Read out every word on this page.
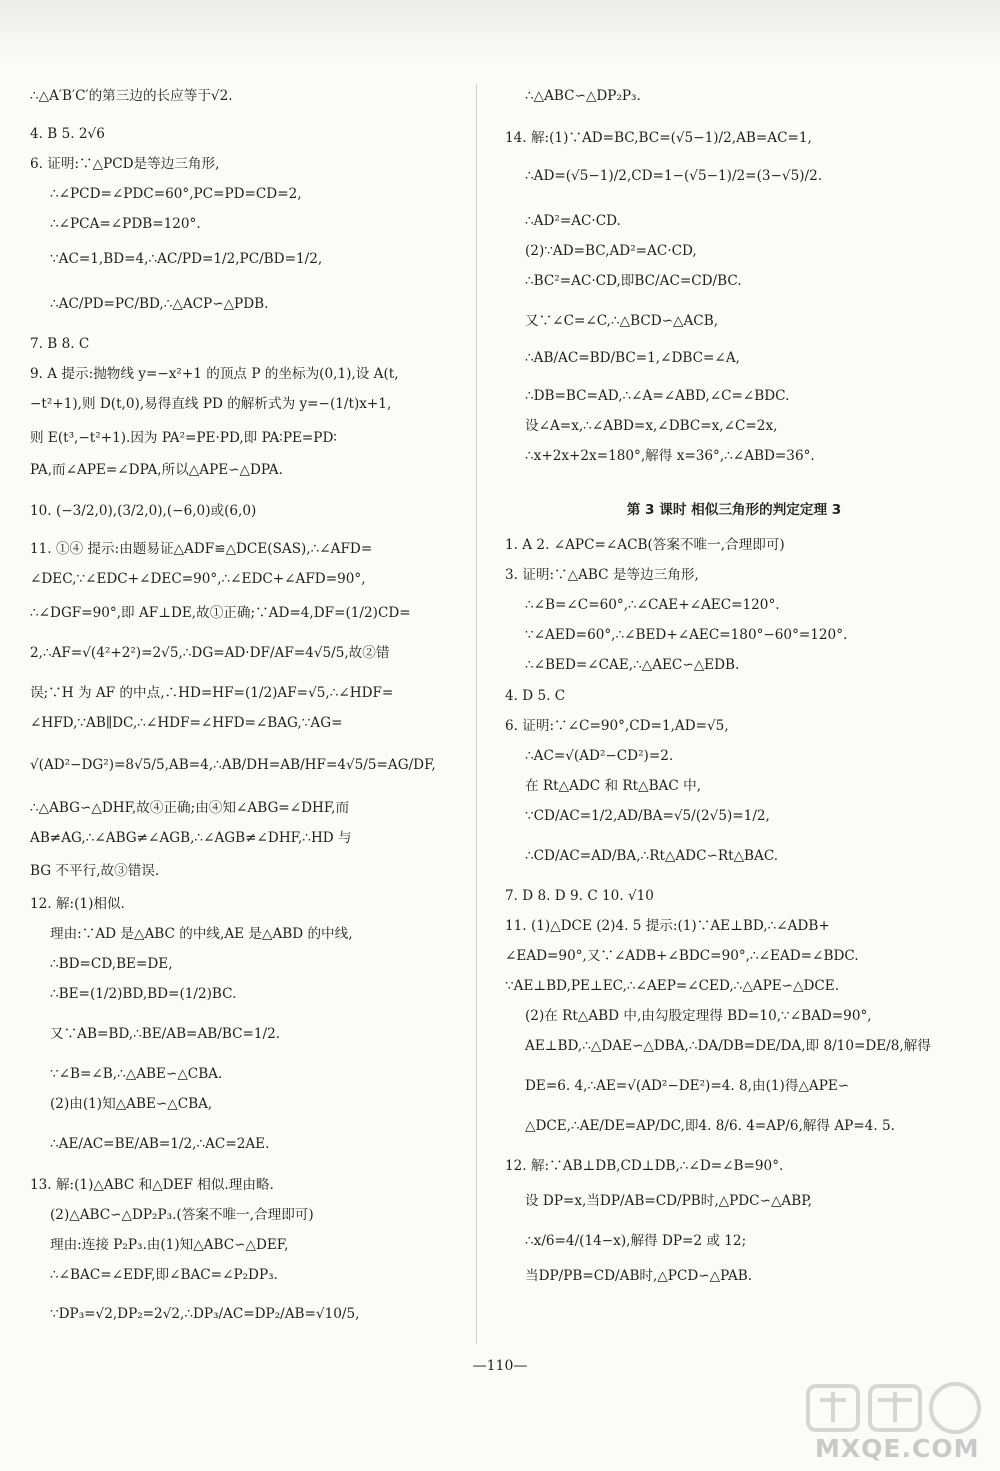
∴△A′B′C′的第三边的长应等于√2.
4. B 5. 2√6
6. 证明:∵△PCD是等边三角形,
∴∠PCD=∠PDC=60°,PC=PD=CD=2,
∴∠PCA=∠PDB=120°.
∵AC=1,BD=4,∴AC/PD=1/2,PC/BD=1/2,
∴AC/PD=PC/BD,∴△ACP∽△PDB.
7. B 8. C
9. A 提示:抛物线 y=−x²+1 的顶点 P 的坐标为(0,1),设 A(t,
−t²+1),则 D(t,0),易得直线 PD 的解析式为 y=−(1/t)x+1,
则 E(t³,−t²+1).因为 PA²=PE·PD,即 PA∶PE=PD∶
PA,而∠APE=∠DPA,所以△APE∽△DPA.
10. (−3/2,0),(3/2,0),(−6,0)或(6,0)
11. ①④ 提示:由题易证△ADF≌△DCE(SAS),∴∠AFD=
∠DEC,∵∠EDC+∠DEC=90°,∴∠EDC+∠AFD=90°,
∴∠DGF=90°,即 AF⊥DE,故①正确;∵AD=4,DF=(1/2)CD=
2,∴AF=√(4²+2²)=2√5,∴DG=AD·DF/AF=4√5/5,故②错
误;∵H 为 AF 的中点,∴HD=HF=(1/2)AF=√5,∴∠HDF=
∠HFD,∵AB∥DC,∴∠HDF=∠HFD=∠BAG,∵AG=
√(AD²−DG²)=8√5/5,AB=4,∴AB/DH=AB/HF=4√5/5=AG/DF,
∴△ABG∽△DHF,故④正确;由④知∠ABG=∠DHF,而
AB≠AG,∴∠ABG≠∠AGB,∴∠AGB≠∠DHF,∴HD 与
BG 不平行,故③错误.
12. 解:(1)相似.
理由:∵AD 是△ABC 的中线,AE 是△ABD 的中线,
∴BD=CD,BE=DE,
∴BE=(1/2)BD,BD=(1/2)BC.
又∵AB=BD,∴BE/AB=AB/BC=1/2.
∵∠B=∠B,∴△ABE∽△CBA.
(2)由(1)知△ABE∽△CBA,
∴AE/AC=BE/AB=1/2,∴AC=2AE.
13. 解:(1)△ABC 和△DEF 相似.理由略.
(2)△ABC∽△DP₂P₃.(答案不唯一,合理即可)
理由:连接 P₂P₃.由(1)知△ABC∽△DEF,
∴∠BAC=∠EDF,即∠BAC=∠P₂DP₃.
∵DP₃=√2,DP₂=2√2,∴DP₃/AC=DP₂/AB=√10/5,
∴△ABC∽△DP₂P₃.
14. 解:(1)∵AD=BC,BC=(√5−1)/2,AB=AC=1,
∴AD=(√5−1)/2,CD=1−(√5−1)/2=(3−√5)/2.
∴AD²=AC·CD.
(2)∵AD=BC,AD²=AC·CD,
∴BC²=AC·CD,即BC/AC=CD/BC.
又∵∠C=∠C,∴△BCD∽△ACB,
∴AB/AC=BD/BC=1,∠DBC=∠A,
∴DB=BC=AD,∴∠A=∠ABD,∠C=∠BDC.
设∠A=x,∴∠ABD=x,∠DBC=x,∠C=2x,
∴x+2x+2x=180°,解得 x=36°,∴∠ABD=36°.
第 3 课时 相似三角形的判定定理 3
1. A 2. ∠APC=∠ACB(答案不唯一,合理即可)
3. 证明:∵△ABC 是等边三角形,
∴∠B=∠C=60°,∴∠CAE+∠AEC=120°.
∵∠AED=60°,∴∠BED+∠AEC=180°−60°=120°.
∴∠BED=∠CAE,∴△AEC∽△EDB.
4. D 5. C
6. 证明:∵∠C=90°,CD=1,AD=√5,
∴AC=√(AD²−CD²)=2.
在 Rt△ADC 和 Rt△BAC 中,
∵CD/AC=1/2,AD/BA=√5/(2√5)=1/2,
∴CD/AC=AD/BA,∴Rt△ADC∽Rt△BAC.
7. D 8. D 9. C 10. √10
11. (1)△DCE (2)4. 5 提示:(1)∵AE⊥BD,∴∠ADB+
∠EAD=90°,又∵∠ADB+∠BDC=90°,∴∠EAD=∠BDC.
∵AE⊥BD,PE⊥EC,∴∠AEP=∠CED,∴△APE∽△DCE.
(2)在 Rt△ABD 中,由勾股定理得 BD=10,∵∠BAD=90°,
AE⊥BD,∴△DAE∽△DBA,∴DA/DB=DE/DA,即 8/10=DE/8,解得
DE=6. 4,∴AE=√(AD²−DE²)=4. 8,由(1)得△APE∽
△DCE,∴AE/DE=AP/DC,即4. 8/6. 4=AP/6,解得 AP=4. 5.
12. 解:∵AB⊥DB,CD⊥DB,∴∠D=∠B=90°.
设 DP=x,当DP/AB=CD/PB时,△PDC∽△ABP,
∴x/6=4/(14−x),解得 DP=2 或 12;
当DP/PB=CD/AB时,△PCD∽△PAB.
—110—
MXQE.COM
